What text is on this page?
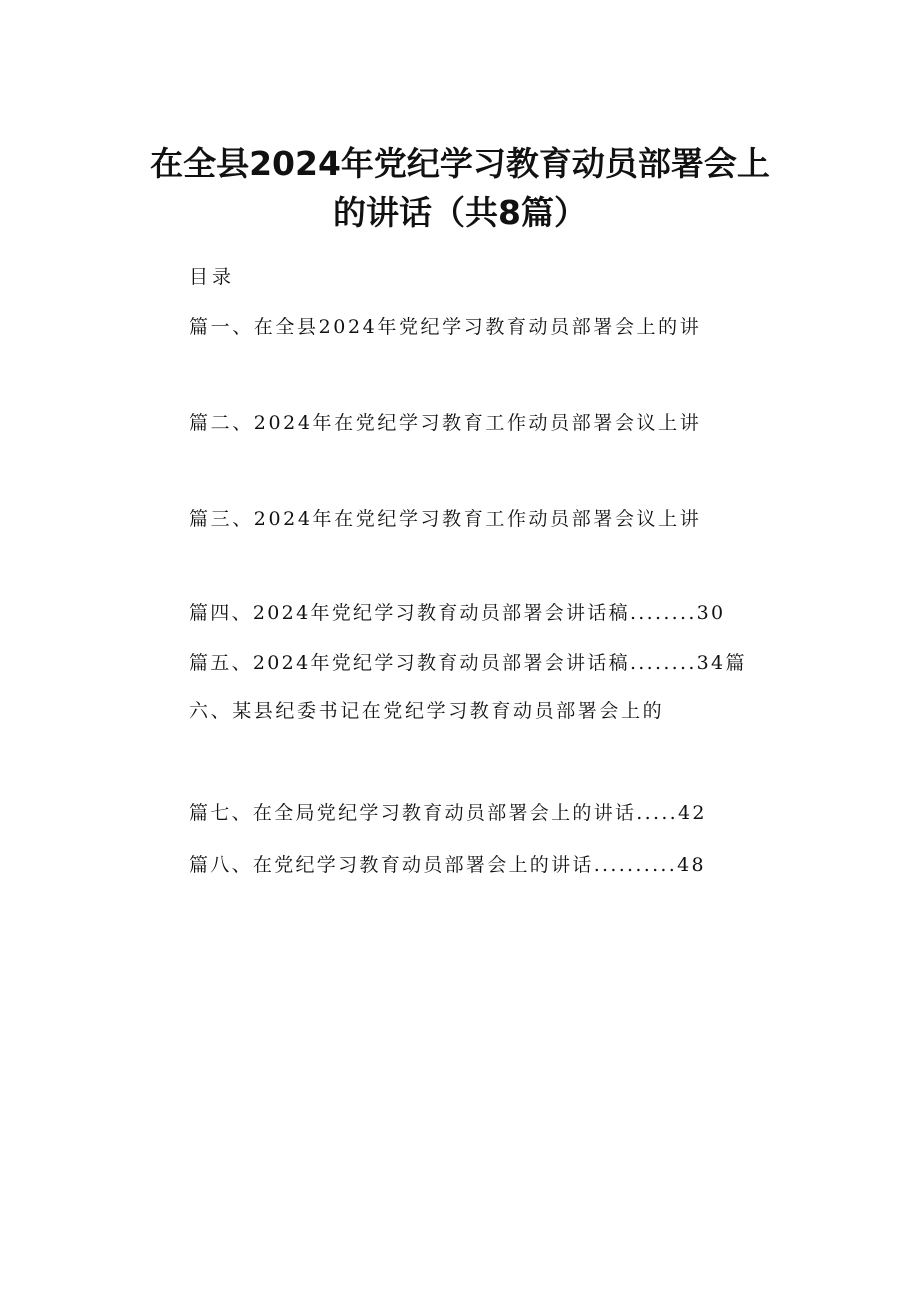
在全县2024年党纪学习教育动员部署会上
的讲话（共8篇）
目录
篇一、在全县2024年党纪学习教育动员部署会上的讲
篇二、2024年在党纪学习教育工作动员部署会议上讲
篇三、2024年在党纪学习教育工作动员部署会议上讲
篇四、2024年党纪学习教育动员部署会讲话稿........30
篇五、2024年党纪学习教育动员部署会讲话稿........34篇
六、某县纪委书记在党纪学习教育动员部署会上的
篇七、在全局党纪学习教育动员部署会上的讲话.....42
篇八、在党纪学习教育动员部署会上的讲话..........48
